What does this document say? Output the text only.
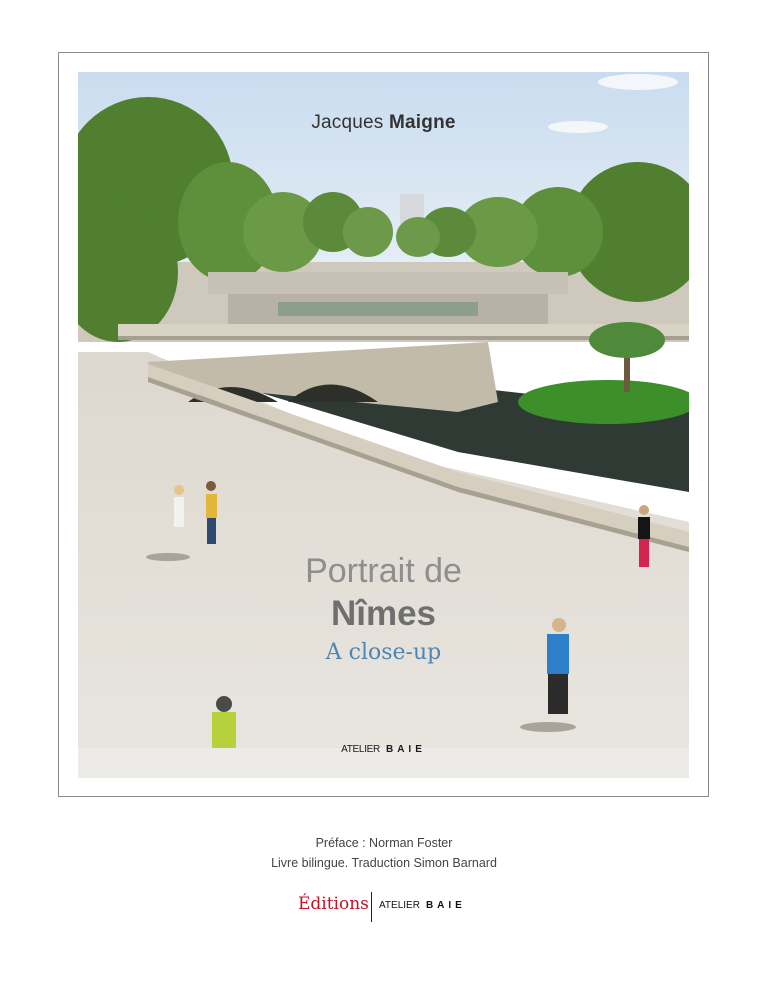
Jacques Maigne
Portrait de
Nîmes
A close-up
ATELIER BAIE
Préface : Norman Foster
Livre bilingue. Traduction Simon Barnard
Éditions ATELIER BAIE
